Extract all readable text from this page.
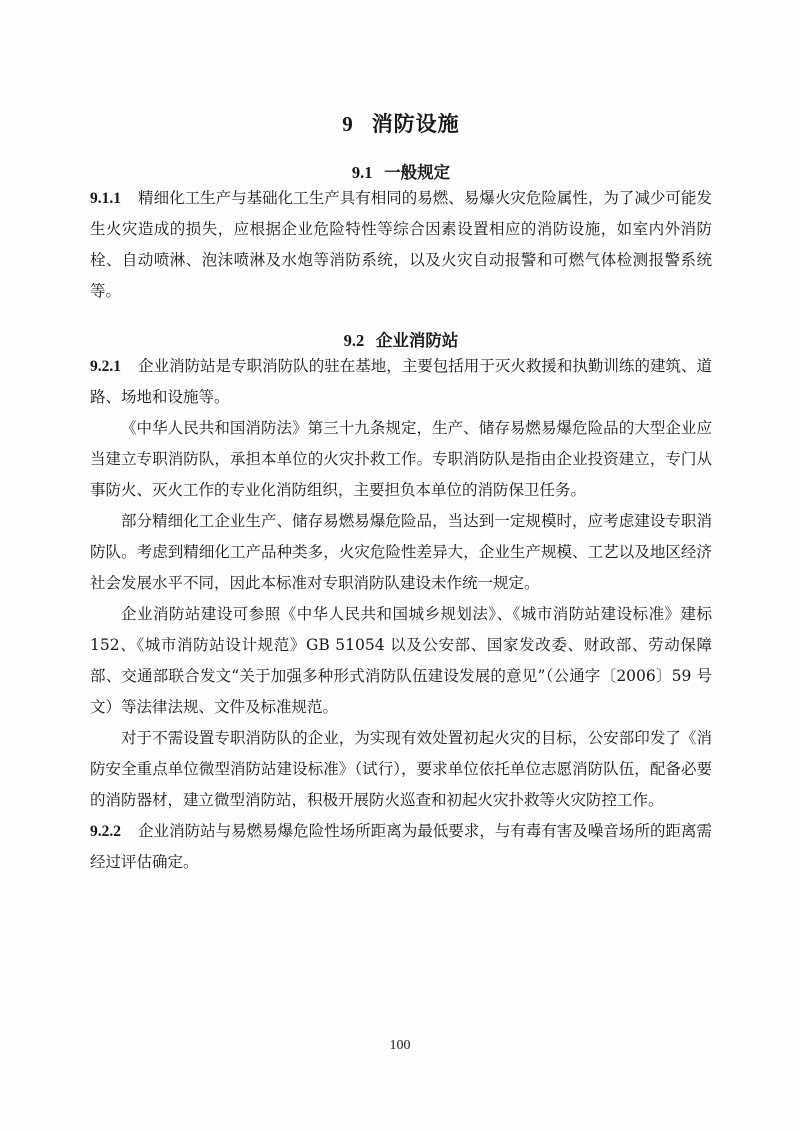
9 消防设施
9.1 一般规定

9.1.1 精细化工生产与基础化工生产具有相同的易燃、易爆火灾危险属性，为了减少可能发生火灾造成的损失，应根据企业危险特性等综合因素设置相应的消防设施，如室内外消防栓、自动喷淋、泡沫喷淋及水炮等消防系统，以及火灾自动报警和可燃气体检测报警系统等。

9.2 企业消防站

9.2.1 企业消防站是专职消防队的驻在基地，主要包括用于灭火救援和执勤训练的建筑、道路、场地和设施等。

《中华人民共和国消防法》第三十九条规定，生产、储存易燃易爆危险品的大型企业应当建立专职消防队，承担本单位的火灾扑救工作。专职消防队是指由企业投资建立，专门从事防火、灭火工作的专业化消防组织，主要担负本单位的消防保卫任务。

部分精细化工企业生产、储存易燃易爆危险品，当达到一定规模时，应考虑建设专职消防队。考虑到精细化工产品种类多，火灾危险性差异大，企业生产规模、工艺以及地区经济社会发展水平不同，因此本标准对专职消防队建设未作统一规定。

企业消防站建设可参照《中华人民共和国城乡规划法》、《城市消防站建设标准》建标 152、《城市消防站设计规范》GB 51054 以及公安部、国家发改委、财政部、劳动保障部、交通部联合发文“关于加强多种形式消防队伍建设发展的意见”（公通字〔2006〕59 号文）等法律法规、文件及标准规范。

对于不需设置专职消防队的企业，为实现有效处置初起火灾的目标，公安部印发了《消防安全重点单位微型消防站建设标准》（试行），要求单位依托单位志愿消防队伍，配备必要的消防器材，建立微型消防站，积极开展防火巡查和初起火灾扑救等火灾防控工作。

9.2.2 企业消防站与易燃易爆危险性场所距离为最低要求，与有毒有害及噪音场所的距离需经过评估确定。

100
